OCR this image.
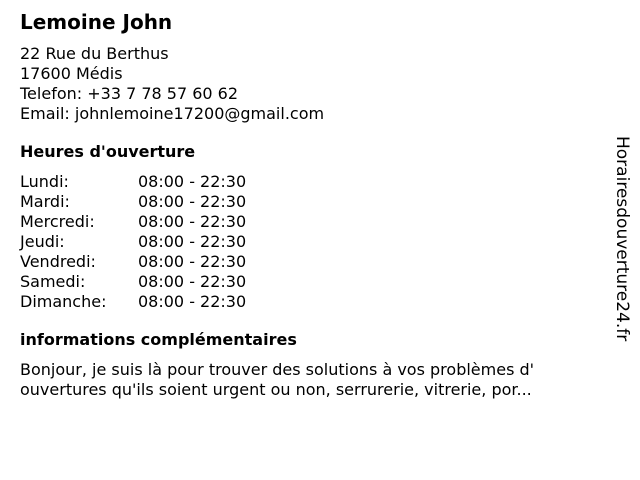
Lemoine John
22 Rue du Berthus
17600 Médis
Telefon: +33 7 78 57 60 62
Email: johnlemoine17200@gmail.com
Heures d'ouverture
Lundi:	08:00 - 22:30
Mardi:	08:00 - 22:30
Mercredi:	08:00 - 22:30
Jeudi:	08:00 - 22:30
Vendredi:	08:00 - 22:30
Samedi:	08:00 - 22:30
Dimanche:	08:00 - 22:30
informations complémentaires
Bonjour, je suis là pour trouver des solutions à vos problèmes d' ouvertures qu'ils soient urgent ou non, serrurerie, vitrerie, por...
Horairesdouverture24.fr
